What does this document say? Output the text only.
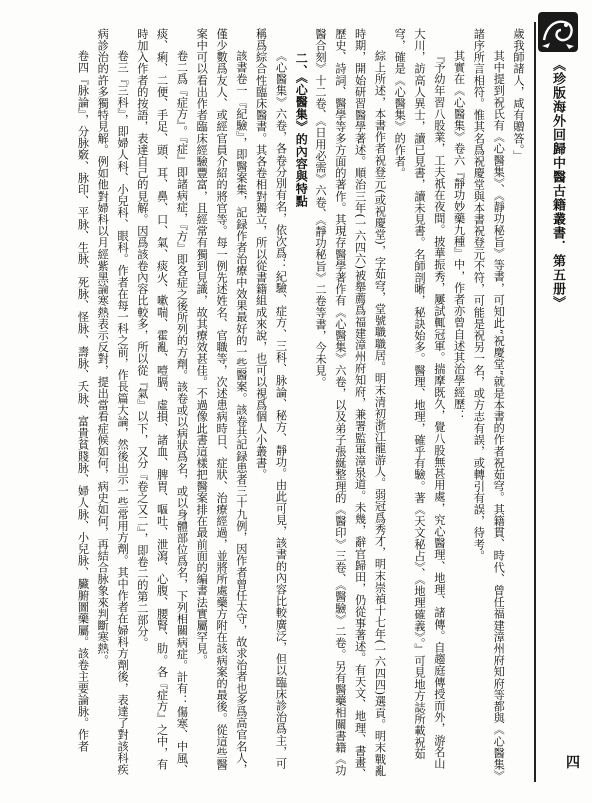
《珍版海外回歸中醫古籍叢書．第五册》

歲我師諸人，咸有贈答。」

其中提到祝氏有《心醫集》、《靜功秘旨》等書，可知此“祝慶堂”就是本書的作者祝茹穹。其籍貫、時代、曾任福建漳州府知府等都與《心醫集》諸序所言相符。惟其名爲祝慶堂與本書祝登元不符，可能是祝另一名，或方志有誤，或轉引有誤，待考。

其實在《心醫集》卷六『靜功妙藥九種』中，作者亦曾自述其治學經歷：

『予幼年習八股業，工夫祇在夜間。披華振秀，屢試輒冠軍。揣摩既久，覺八股無甚用處，究心醫理、地理、諸傳。自趨庭傳授而外，游名山大川，訪高人異士，讀已見書，讀未見書。名師剖晰，秘訣始多。醫理、地理，確乎有驗。著《天文秘占》、《地理確義》。』可見地方誌所載祝茹穹，確是《心醫集》的作者。

綜上所述，本書作者祝登元(或祝慶堂)，字茹穹，堂號職職居。明末清初浙江龍游人。弱冠爲秀才，明末崇禎十七年(一六四四)選貢。明末戰亂時期，開始研習醫學著述。順治三年(一六四六)被舉薦爲福建漳州府知府，兼署監軍漳泉道。未幾，辭官歸田，仍從事著述。有天文、地理、書畫、歷史、詩詞、醫學等多方面的著作。其現存醫學著作有《心醫集》六卷，以及弟子張綖整理的《醫印》三卷、《醫驗》二卷。另有醫藥相關書籍《功醫合刻》十二卷、《日用必需》六卷、《靜功秘旨》二卷等書，今未見。

二、《心醫集》的內容與特點

《心醫集》六卷，各卷分別有名，依次爲：紀驗、症方、三科、脉論、秘方、靜功。由此可見，該書的內容比較廣泛，但以臨床診治爲主，可稱爲綜合性臨床醫書。其各卷相對獨立，所以從書籍組成來說，也可以視爲個人小叢書。

該書卷一『紀驗』，即醫案集，記録作者治療中效果最好的一些醫案。該卷共記録患者三十九例，因作者曾任太守，故求治者也多爲高官名人，僅少數爲友人、或經官員介紹的將官等。每一例先述姓名、官職等，次述患病時日、症狀、治療經過，並將所處藥方附在該病案的最後。從這些醫案中可以看出作者臨床經驗豐富，且經常有獨到見識，故其療效甚佳。不過像此書這樣把醫案排在最前面的編書法實屬罕見。

卷二爲『症方』。『症』即諸病症，『方』即各症之後所列的方劑。該卷或以病狀爲名，或以身體部位爲名，下列相關病症。計有：傷寒、中風、痰、痢、二便、手足、頭、耳、鼻、口、氣、痰火、嗽喘、霍亂、噎膈、虛損、諸血、脾胃、嘔吐、泄瀉、心腹、腰腎、肋。各『症方』之中，有時加入作者的按語，表達自己的見解。因爲該卷內容比較多，所以從『氣』以下，又分『卷之又二』，即卷二的第二部分。

卷三『三科』，即婦人科、小兒科、眼科。作者在每一科之前，作長篇大論，然後出示一些常用方劑。其中作者在婦科方劑後，表達了對該科疾病診治的許多獨特見解。例如他對婦科以月經紫黑論寒熱表示反對，提出當看症候如何，病史如何，再結合脉象來判斷寒熱。

卷四『脉論』，分脉竅、脉印、平脉、生脉、死脉、怪脉、壽脉、夭脉、富貴貧賤脉、婦人脉、小兒脉、臟腑圖藥屬。該卷主要論脉。作者

四
